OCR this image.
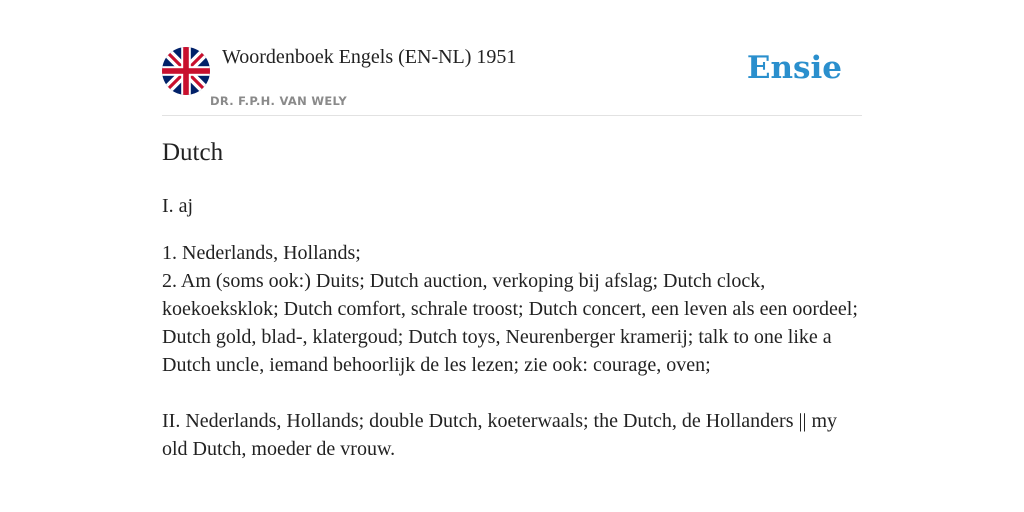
Woordenboek Engels (EN-NL) 1951
DR. F.P.H. VAN WELY
Ensie
Dutch

I. aj

1. Nederlands, Hollands;

2. Am (soms ook:) Duits; Dutch auction, verkoping bij afslag; Dutch clock, koekoeksklok; Dutch comfort, schrale troost; Dutch concert, een leven als een oordeel; Dutch gold, blad-, klatergoud; Dutch toys, Neurenberger kramerij; talk to one like a Dutch uncle, iemand behoorlijk de les lezen; zie ook: courage, oven;

II. Nederlands, Hollands; double Dutch, koeterwaals; the Dutch, de Hollanders || my old Dutch, moeder de vrouw.
